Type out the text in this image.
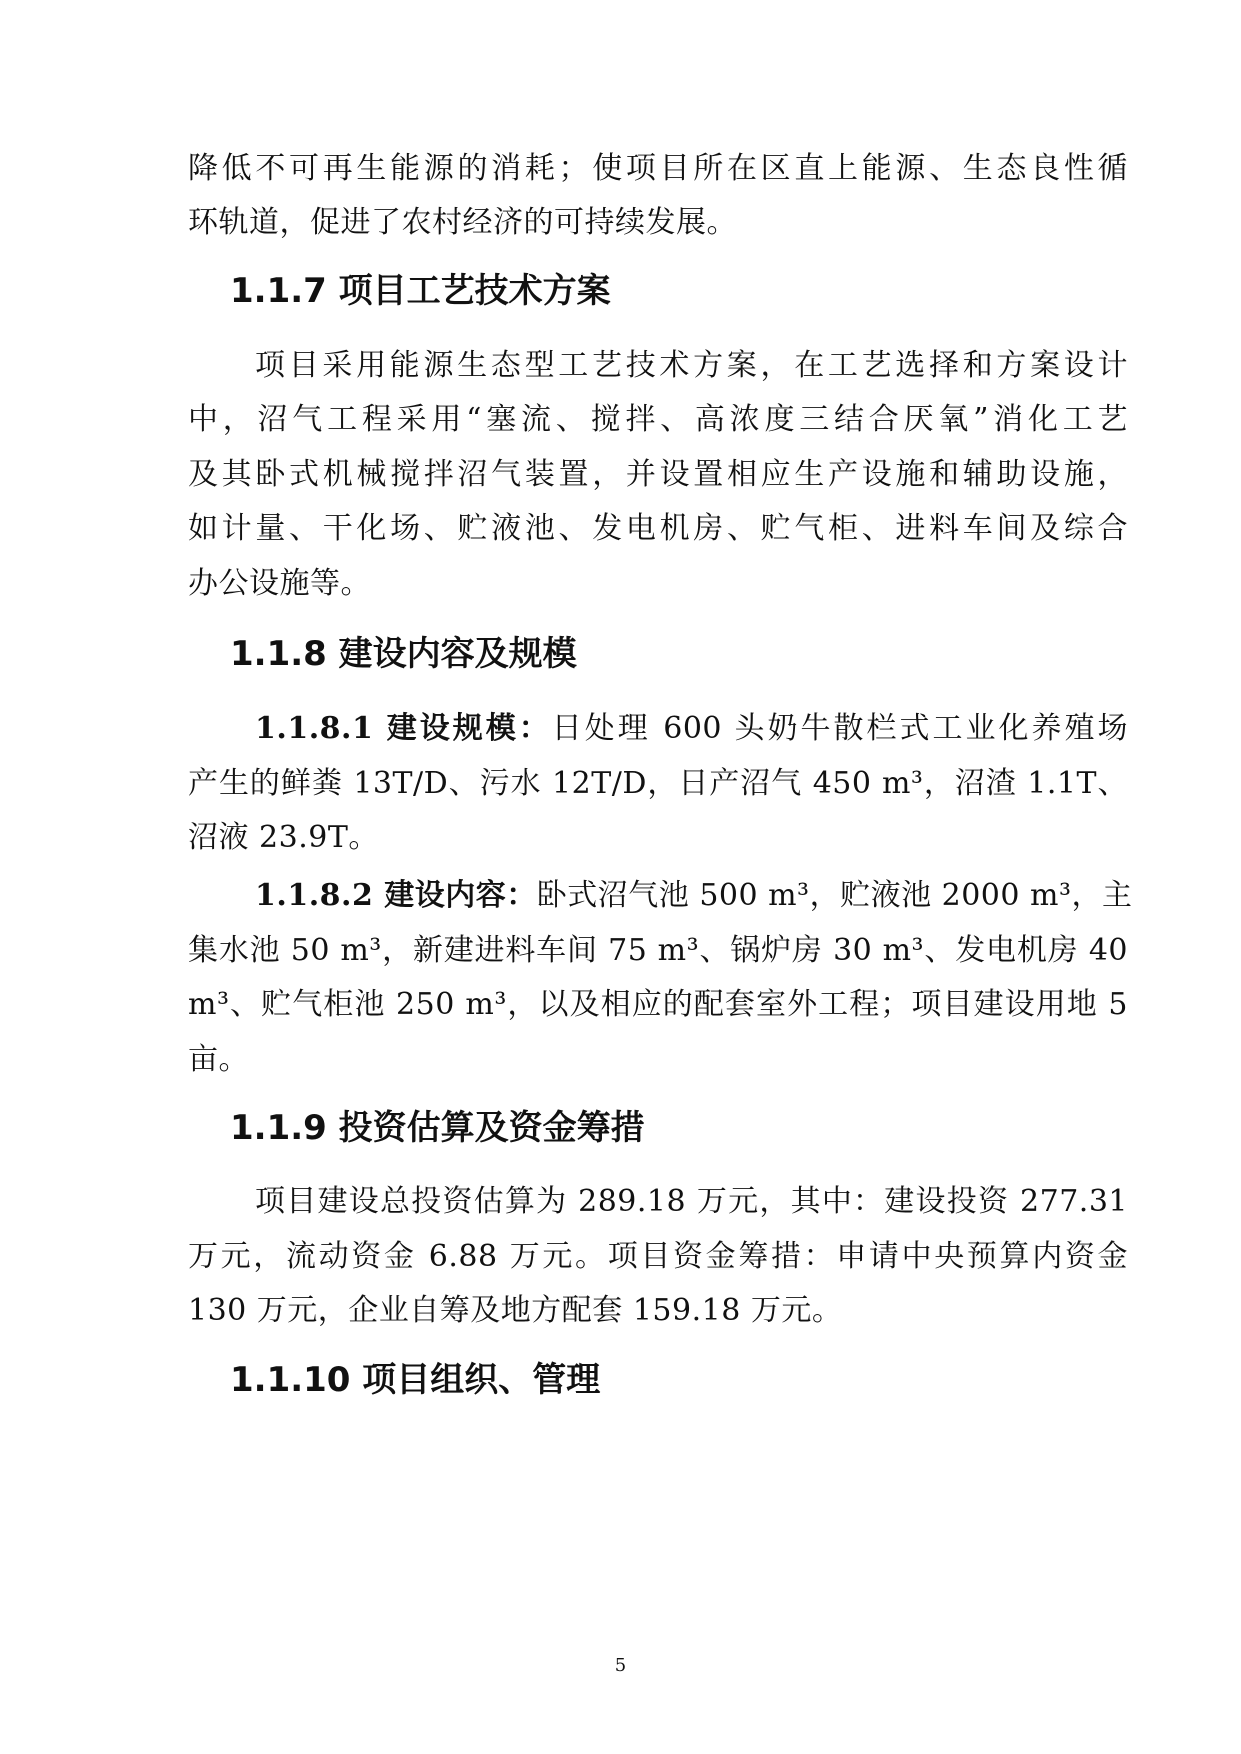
降低不可再生能源的消耗；使项目所在区直上能源、生态良性循
环轨道，促进了农村经济的可持续发展。
1.1.7 项目工艺技术方案
项目采用能源生态型工艺技术方案，在工艺选择和方案设计
中，沼气工程采用“塞流、搅拌、高浓度三结合厌氧”消化工艺
及其卧式机械搅拌沼气装置，并设置相应生产设施和辅助设施，
如计量、干化场、贮液池、发电机房、贮气柜、进料车间及综合
办公设施等。
1.1.8 建设内容及规模
1.1.8.1 建设规模：日处理 600 头奶牛散栏式工业化养殖场
产生的鲜粪 13T/D、污水 12T/D，日产沼气 450 m³，沼渣 1.1T、
沼液 23.9T。
1.1.8.2 建设内容：卧式沼气池 500 m³，贮液池 2000 m³，主
集水池 50 m³，新建进料车间 75 m³、锅炉房 30 m³、发电机房 40
m³、贮气柜池 250 m³，以及相应的配套室外工程；项目建设用地 5
亩。
1.1.9 投资估算及资金筹措
项目建设总投资估算为 289.18 万元，其中：建设投资 277.31
万元，流动资金 6.88 万元。项目资金筹措：申请中央预算内资金
130 万元，企业自筹及地方配套 159.18 万元。
1.1.10 项目组织、管理
5
